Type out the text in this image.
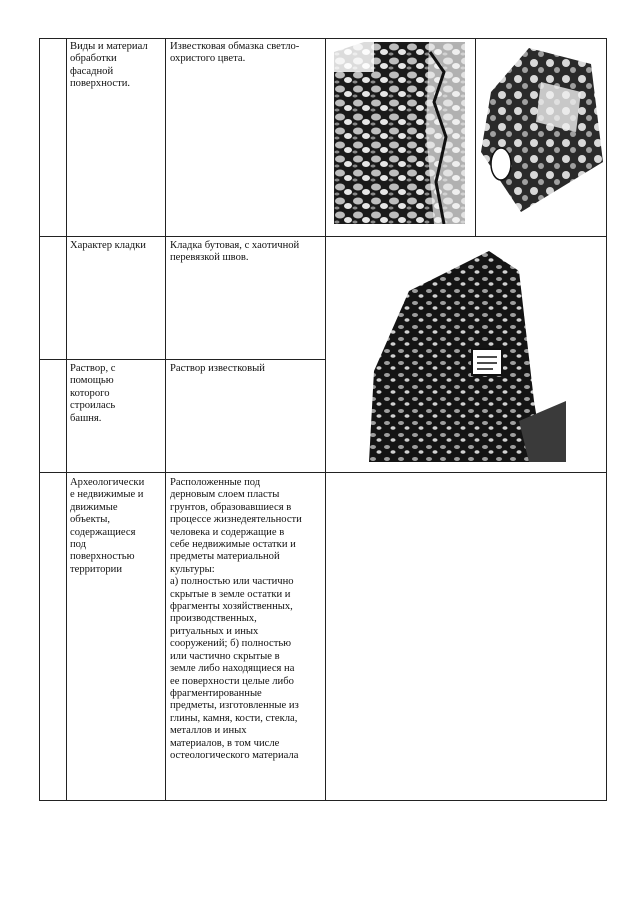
Виды и материал
обработки
фасадной
поверхности.
Известковая обмазка светло-
охристого цвета.
Характер кладки	Кладка бутовая, с хаотичной
перевязкой швов.
Раствор, с
помощью
которого
строилась
башня.
Раствор известковый
Археологически
е недвижимые и
движимые
объекты,
содержащиеся
под
поверхностью
территории
Расположенные под
дерновым слоем пласты
грунтов, образовавшиеся в
процессе жизнедеятельности
человека и содержащие в
себе недвижимые остатки и
предметы материальной
культуры:
а) полностью или частично
скрытые в земле остатки и
фрагменты хозяйственных,
производственных,
ритуальных и иных
сооружений; б) полностью
или частично скрытые в
земле либо находящиеся на
ее поверхности целые либо
фрагментированные
предметы, изготовленные из
глины, камня, кости, стекла,
металлов и иных
материалов, в том числе
остеологического материала
